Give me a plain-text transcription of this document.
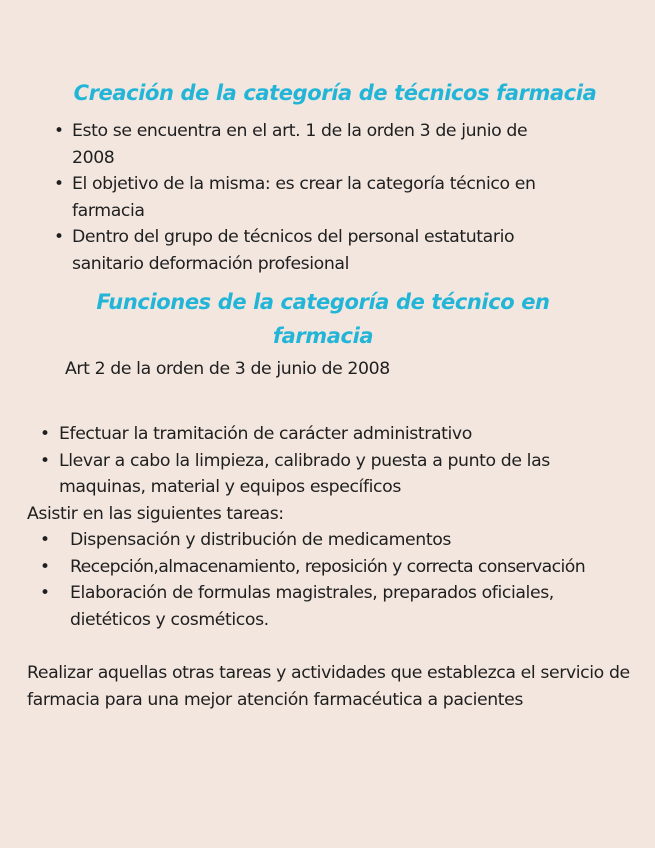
Creación de la categoría de técnicos farmacia
• Esto se encuentra en el art. 1 de la orden 3 de junio de 2008
• El objetivo de la misma: es crear la categoría técnico en farmacia
• Dentro del grupo de técnicos del personal estatutario sanitario deformación profesional
Funciones de la categoría de técnico en farmacia

Art 2 de la orden de 3 de junio de 2008

• Efectuar la tramitación de carácter administrativo
• Llevar a cabo la limpieza, calibrado y puesta a punto de las maquinas, material y equipos específicos

Asistir en las siguientes tareas:

• Dispensación y distribución de medicamentos
• Recepción,almacenamiento, reposición y correcta conservación
• Elaboración de formulas magistrales, preparados oficiales, dietéticos y cosméticos.

Realizar aquellas otras tareas y actividades que establezca el servicio de farmacia para una mejor atención farmacéutica a pacientes
